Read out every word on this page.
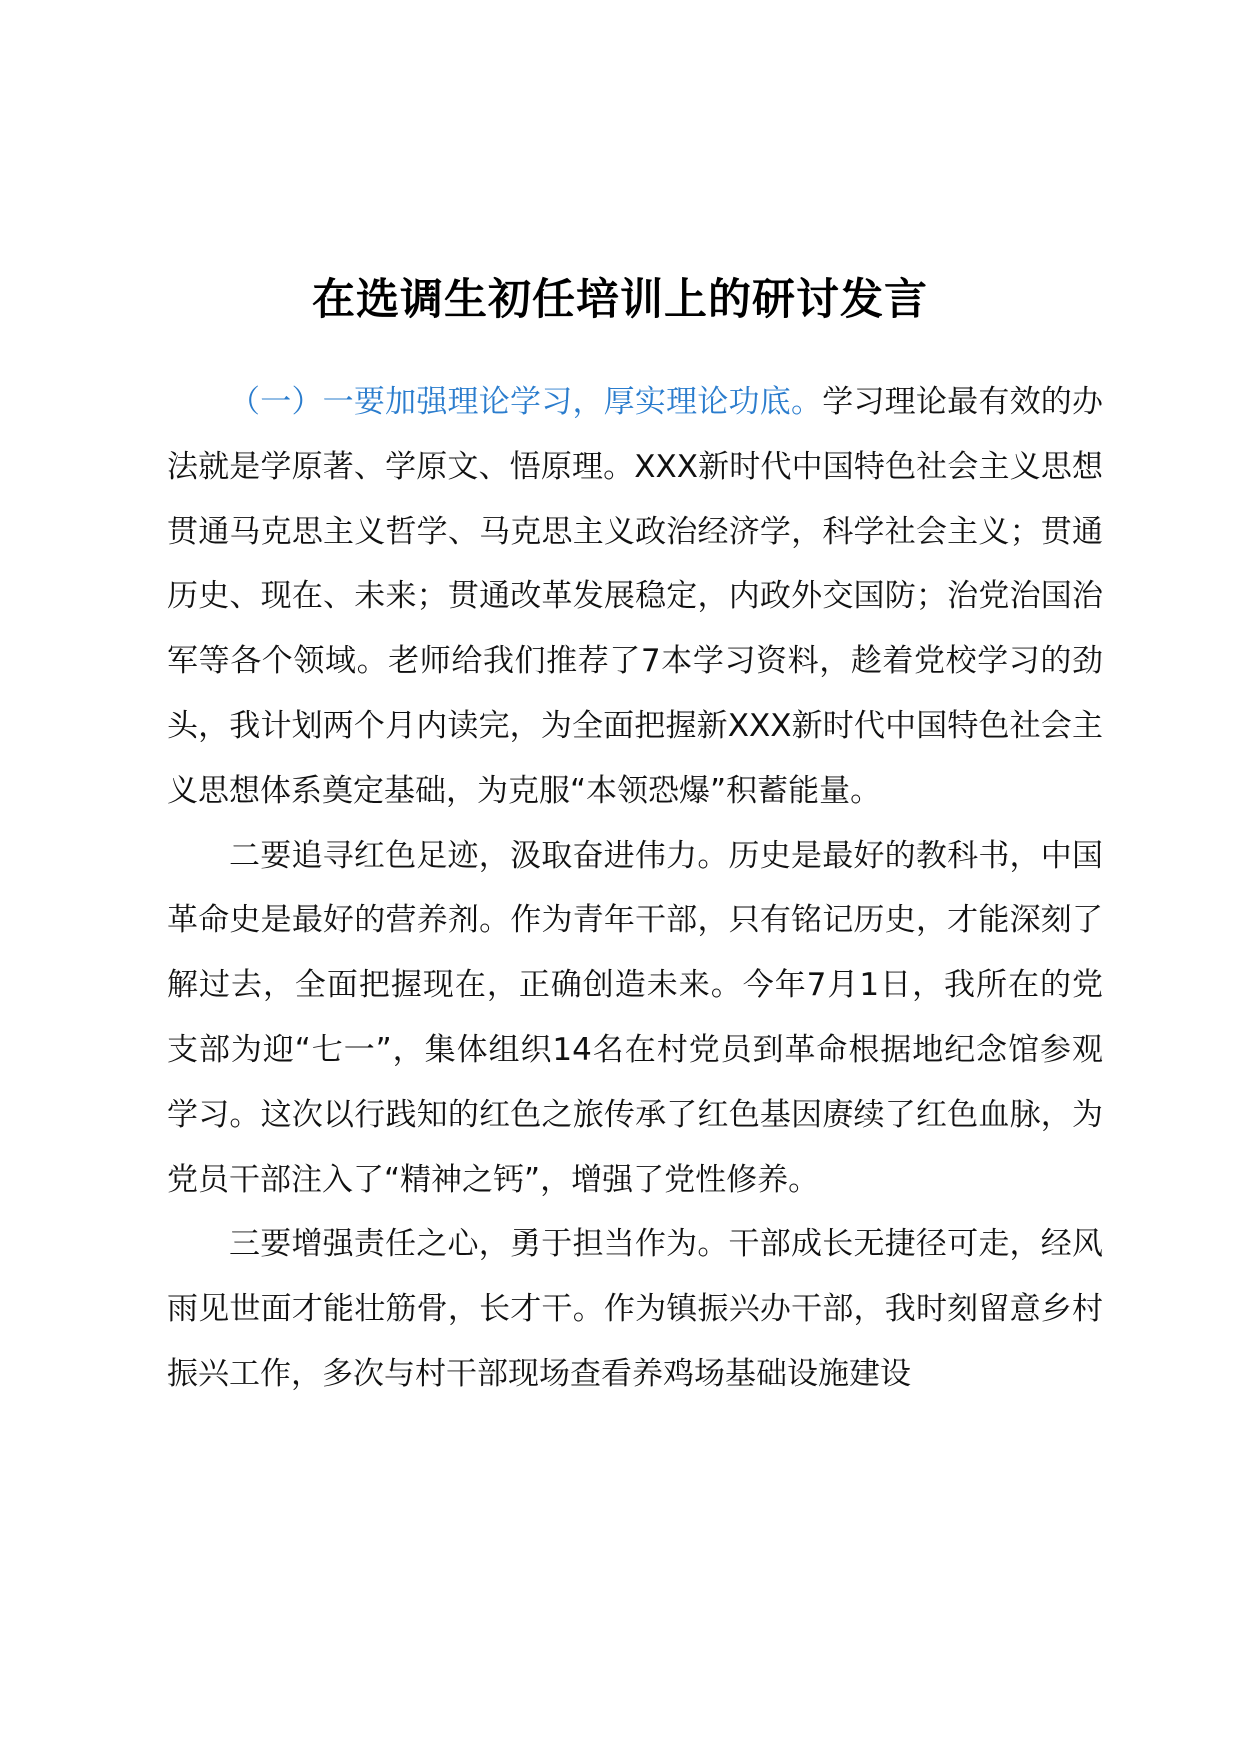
在选调生初任培训上的研讨发言

（一）一要加强理论学习，厚实理论功底。学习理论最有效的办法就是学原著、学原文、悟原理。XXX新时代中国特色社会主义思想贯通马克思主义哲学、马克思主义政治经济学，科学社会主义；贯通历史、现在、未来；贯通改革发展稳定，内政外交国防；治党治国治军等各个领域。老师给我们推荐了7本学习资料，趁着党校学习的劲头，我计划两个月内读完，为全面把握新XXX新时代中国特色社会主义思想体系奠定基础，为克服“本领恐爆”积蓄能量。

二要追寻红色足迹，汲取奋进伟力。历史是最好的教科书，中国革命史是最好的营养剂。作为青年干部，只有铭记历史，才能深刻了解过去，全面把握现在，正确创造未来。今年7月1日，我所在的党支部为迎“七一”，集体组织14名在村党员到革命根据地纪念馆参观学习。这次以行践知的红色之旅传承了红色基因赓续了红色血脉，为党员干部注入了“精神之钙”，增强了党性修养。

三要增强责任之心，勇于担当作为。干部成长无捷径可走，经风雨见世面才能壮筋骨，长才干。作为镇振兴办干部，我时刻留意乡村振兴工作，多次与村干部现场查看养鸡场基础设施建设
